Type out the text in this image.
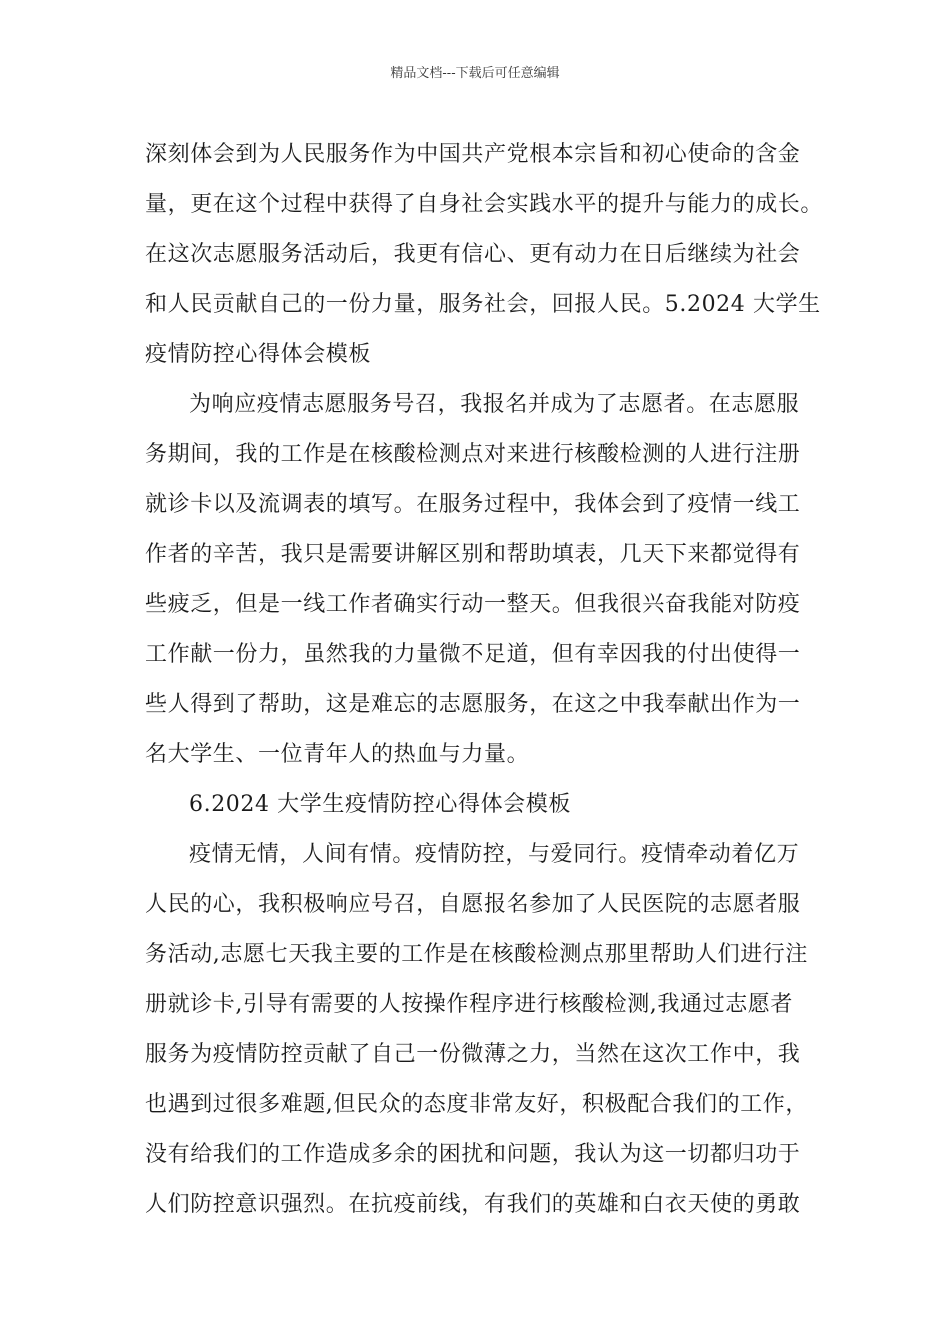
精品文档---下载后可任意编辑
深刻体会到为人民服务作为中国共产党根本宗旨和初心使命的含金
量，更在这个过程中获得了自身社会实践水平的提升与能力的成长。
在这次志愿服务活动后，我更有信心、更有动力在日后继续为社会
和人民贡献自己的一份力量，服务社会，回报人民。5.2024 大学生
疫情防控心得体会模板
为响应疫情志愿服务号召，我报名并成为了志愿者。在志愿服
务期间，我的工作是在核酸检测点对来进行核酸检测的人进行注册
就诊卡以及流调表的填写。在服务过程中，我体会到了疫情一线工
作者的辛苦，我只是需要讲解区别和帮助填表，几天下来都觉得有
些疲乏，但是一线工作者确实行动一整天。但我很兴奋我能对防疫
工作献一份力，虽然我的力量微不足道，但有幸因我的付出使得一
些人得到了帮助，这是难忘的志愿服务，在这之中我奉献出作为一
名大学生、一位青年人的热血与力量。
6.2024 大学生疫情防控心得体会模板
疫情无情，人间有情。疫情防控，与爱同行。疫情牵动着亿万
人民的心，我积极响应号召，自愿报名参加了人民医院的志愿者服
务活动,志愿七天我主要的工作是在核酸检测点那里帮助人们进行注
册就诊卡,引导有需要的人按操作程序进行核酸检测,我通过志愿者
服务为疫情防控贡献了自己一份微薄之力，当然在这次工作中，我
也遇到过很多难题,但民众的态度非常友好，积极配合我们的工作，
没有给我们的工作造成多余的困扰和问题，我认为这一切都归功于
人们防控意识强烈。在抗疫前线，有我们的英雄和白衣天使的勇敢
